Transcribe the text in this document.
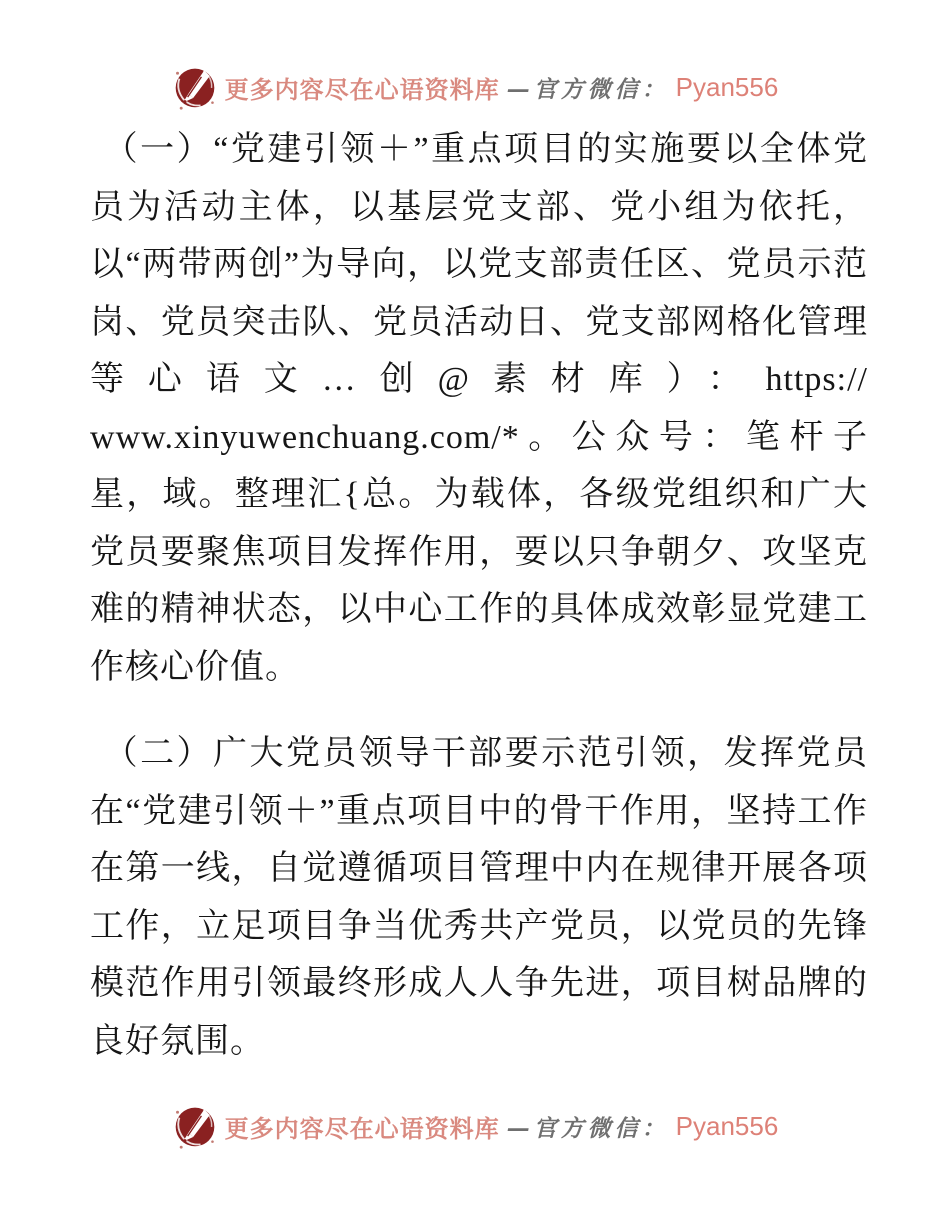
更多内容尽在心语资料库 —官方微信： Pyan556

（一）“党建引领＋”重点项目的实施要以全体党员为活动主体，以基层党支部、党小组为依托，以“两带两创”为导向，以党支部责任区、党员示范岗、党员突击队、党员活动日、党支部网格化管理等心语文…创@素材库）：https://​www.xinyuwenchuang.com/*。公众号：笔杆子星，域。整理汇{总。为载体，各级党组织和广大党员要聚焦项目发挥作用，要以只争朝夕、攻坚克难的精神状态，以中心工作的具体成效彰显党建工作核心价值。

（二）广大党员领导干部要示范引领，发挥党员在“党建引领＋”重点项目中的骨干作用，坚持工作在第一线，自觉遵循项目管理中内在规律开展各项工作，立足项目争当优秀共产党员，以党员的先锋模范作用引领最终形成人人争先进，项目树品牌的良好氛围。

更多内容尽在心语资料库 —官方微信： Pyan556
